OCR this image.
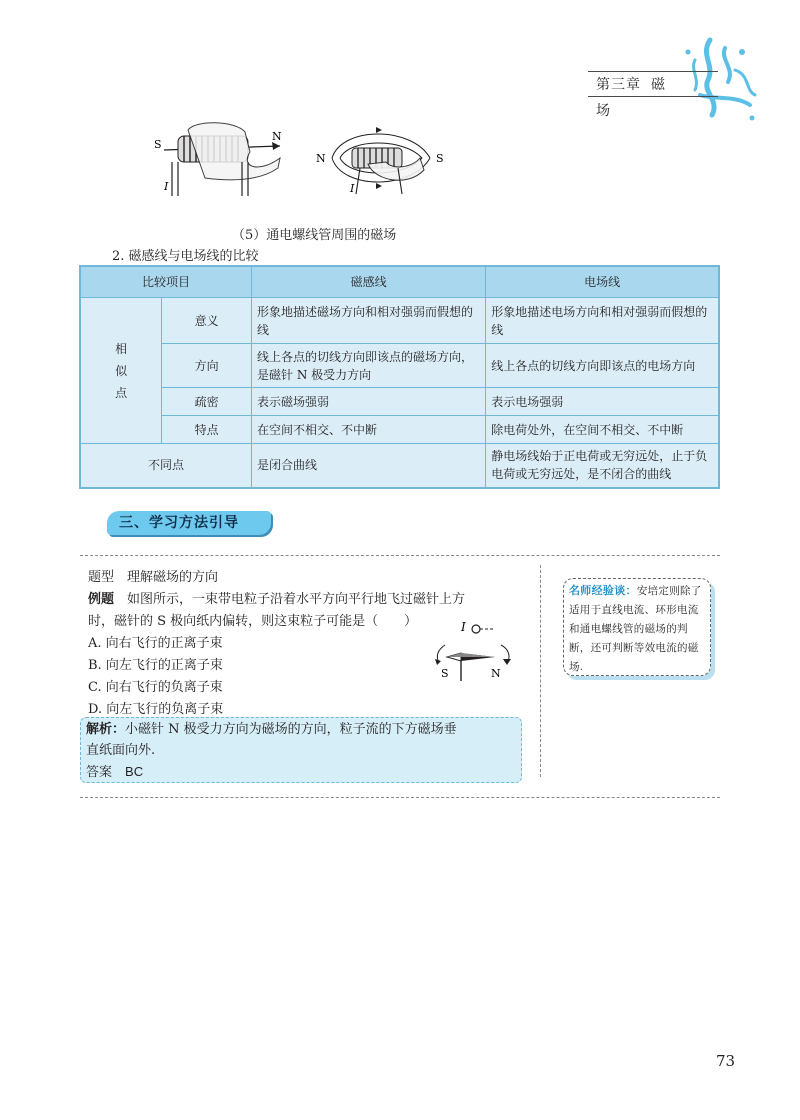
第三章 磁 场
S
N
I
N	S
I
（5）通电螺线管周围的磁场
2. 磁感线与电场线的比较
比较项目		磁感线	电场线

相似点	意义	形象地描述磁场方向和相对强弱而假想的线	形象地描述电场方向和相对强弱而假想的线
	方向	线上各点的切线方向即该点的磁场方向，是磁针 N 极受力方向	线上各点的切线方向即该点的电场方向
	疏密	表示磁场强弱	表示电场强弱
	特点	在空间不相交、不中断	除电荷处外，在空间不相交、不中断
不同点		是闭合曲线	静电场线始于正电荷或无穷远处，止于负电荷或无穷远处，是不闭合的曲线
三、学习方法引导
题型　理解磁场的方向
例题　 如图所示，一束带电粒子沿着水平方向平行地飞过磁针上方
时，磁针的 S 极向纸内偏转，则这束粒子可能是（　　）
A. 向右飞行的正离子束
B. 向左飞行的正离子束
C. 向右飞行的负离子束
D. 向左飞行的负离子束
I
S	N
解析：小磁针 N 极受力方向为磁场的方向，粒子流的下方磁场垂
直纸面向外.
答案　 BC
名师经验谈：安培定则除了适用于直线电流、环形电流和通电螺线管的磁场的判断，还可判断等效电流的磁场.
73
